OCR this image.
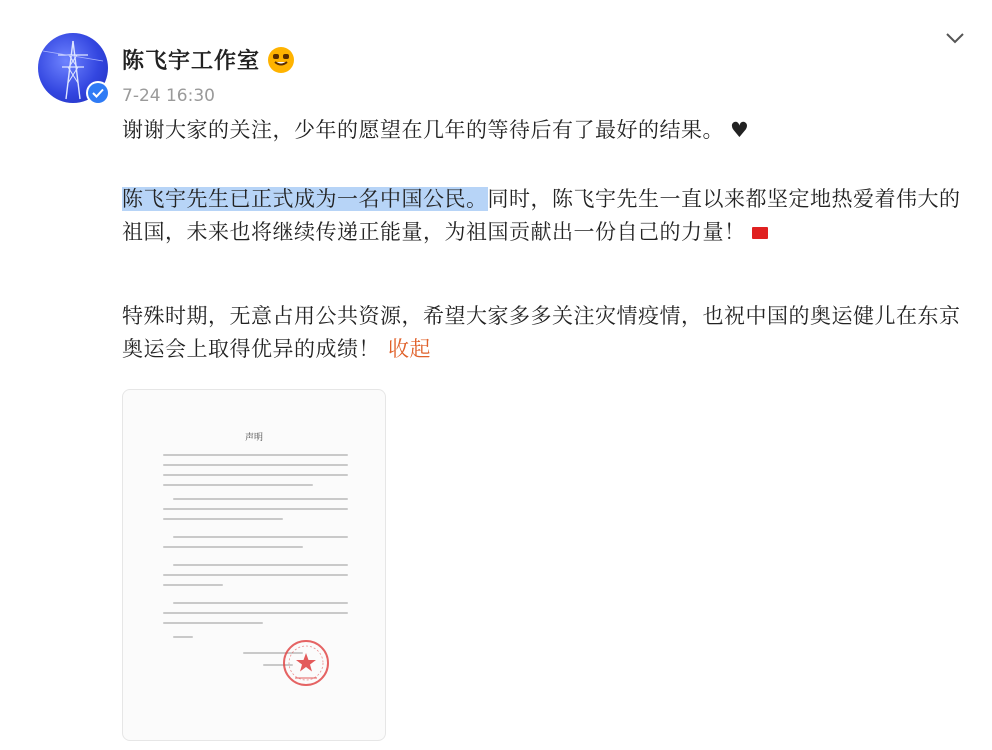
陈飞宇工作室
7-24 16:30
谢谢大家的关注，少年的愿望在几年的等待后有了最好的结果。 ♥
陈飞宇先生已正式成为一名中国公民。同时，陈飞宇先生一直以来都坚定地热爱着伟大的祖国，未来也将继续传递正能量，为祖国贡献出一份自己的力量！
特殊时期，无意占用公共资源，希望大家多多关注灾情疫情，也祝中国的奥运健儿在东京奥运会上取得优异的成绩！ 收起
声明
